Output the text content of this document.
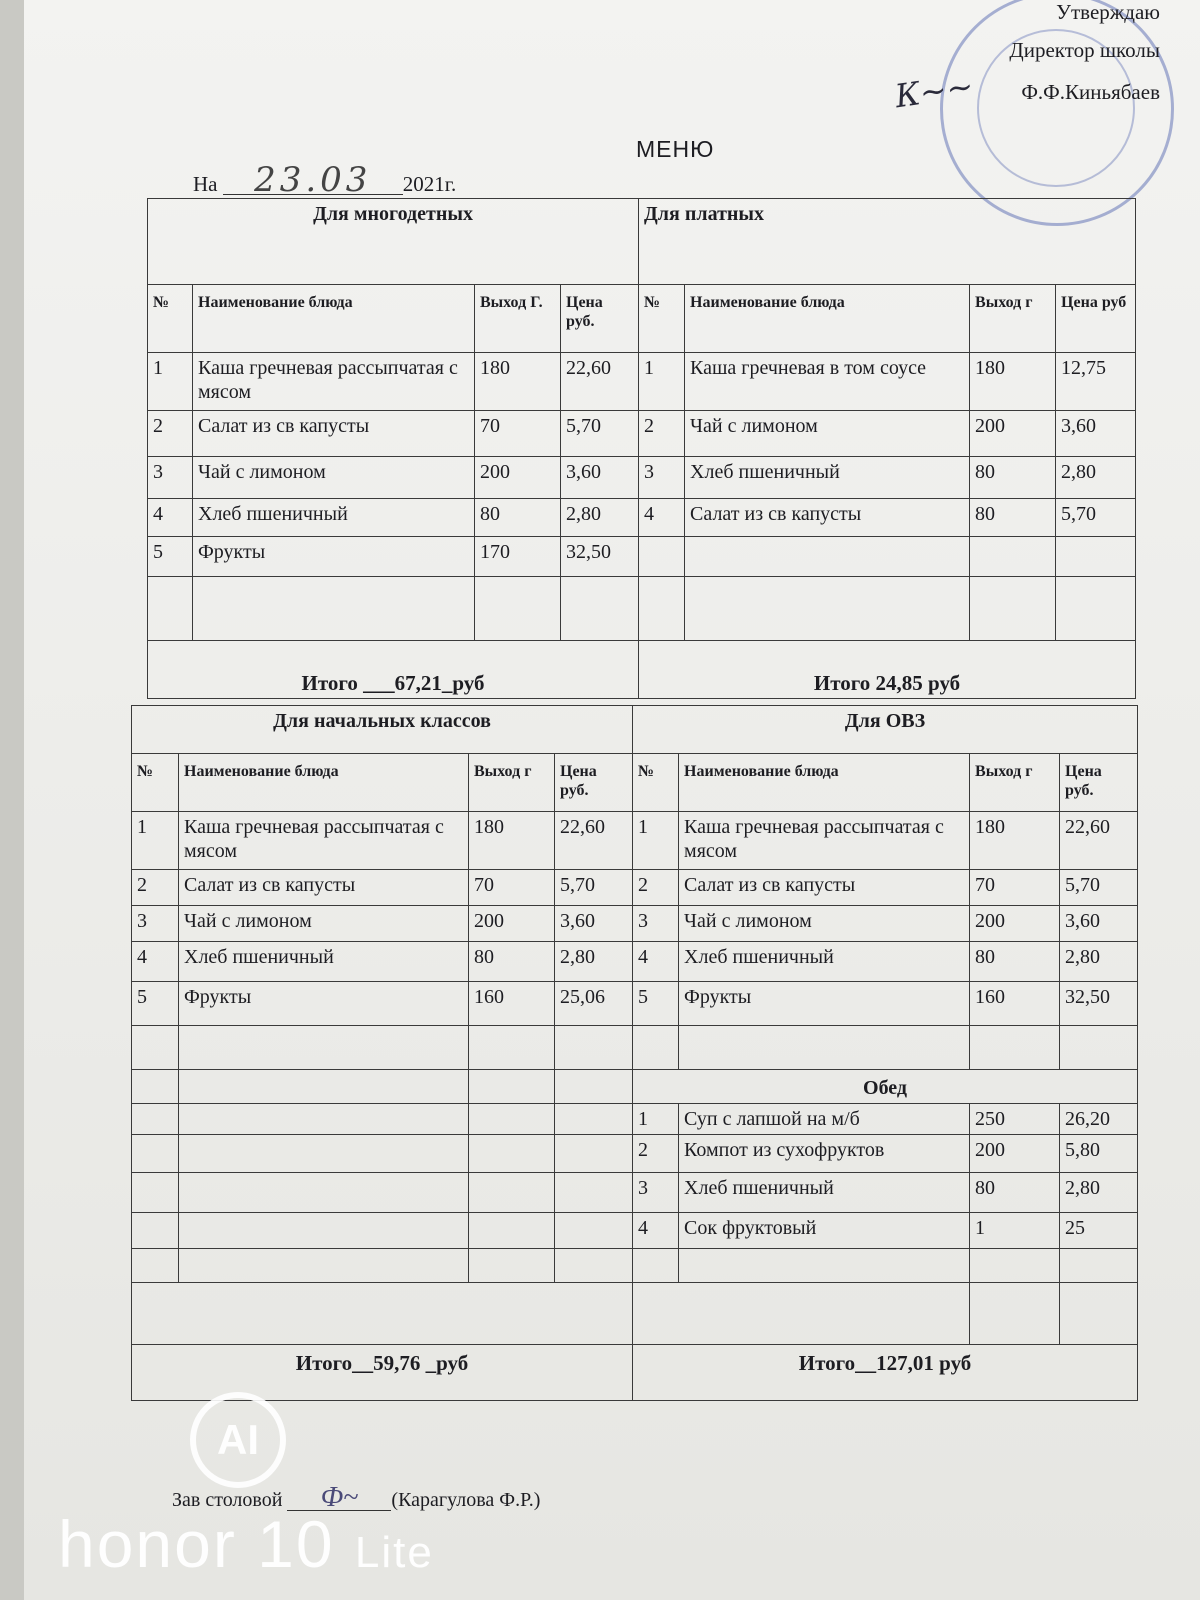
К~~
Утверждаю
Директор школы
Ф.Ф.Киньябаев
МЕНЮ
На 23.03 2021г.
Для многодетных				Для платных			
№	Наименование блюда	Выход Г.	Цена руб.	№	Наименование блюда	Выход г	Цена руб
1	Каша гречневая рассыпчатая с мясом	180	22,60	1	Каша гречневая в том соусе	180	12,75
2	Салат из св капусты	70	5,70	2	Чай с лимоном	200	3,60
3	Чай с лимоном	200	3,60	3	Хлеб пшеничный	80	2,80
4	Хлеб пшеничный	80	2,80	4	Салат из св капусты	80	5,70
5	Фрукты	170	32,50				

Итого ___67,21_руб				Итого 24,85 руб			
Для начальных классов				Для ОВЗ			
№	Наименование блюда	Выход г	Цена руб.	№	Наименование блюда	Выход г	Цена руб.
1	Каша гречневая рассыпчатая с мясом	180	22,60	1	Каша гречневая рассыпчатая с мясом	180	22,60
2	Салат из св капусты	70	5,70	2	Салат из св капусты	70	5,70
3	Чай с лимоном	200	3,60	3	Чай с лимоном	200	3,60
4	Хлеб пшеничный	80	2,80	4	Хлеб пшеничный	80	2,80
5	Фрукты	160	25,06	5	Фрукты	160	32,50

				Обед			
				1	Суп с лапшой на м/б	250	26,20
				2	Компот из сухофруктов	200	5,80
				3	Хлеб пшеничный	80	2,80
				4	Сок фруктовый	1	25

Итого__59,76 _руб				Итого__127,01 руб			
Зав столовой Ф~ (Карагулова Ф.Р.)
AI
honor 10 Lite
